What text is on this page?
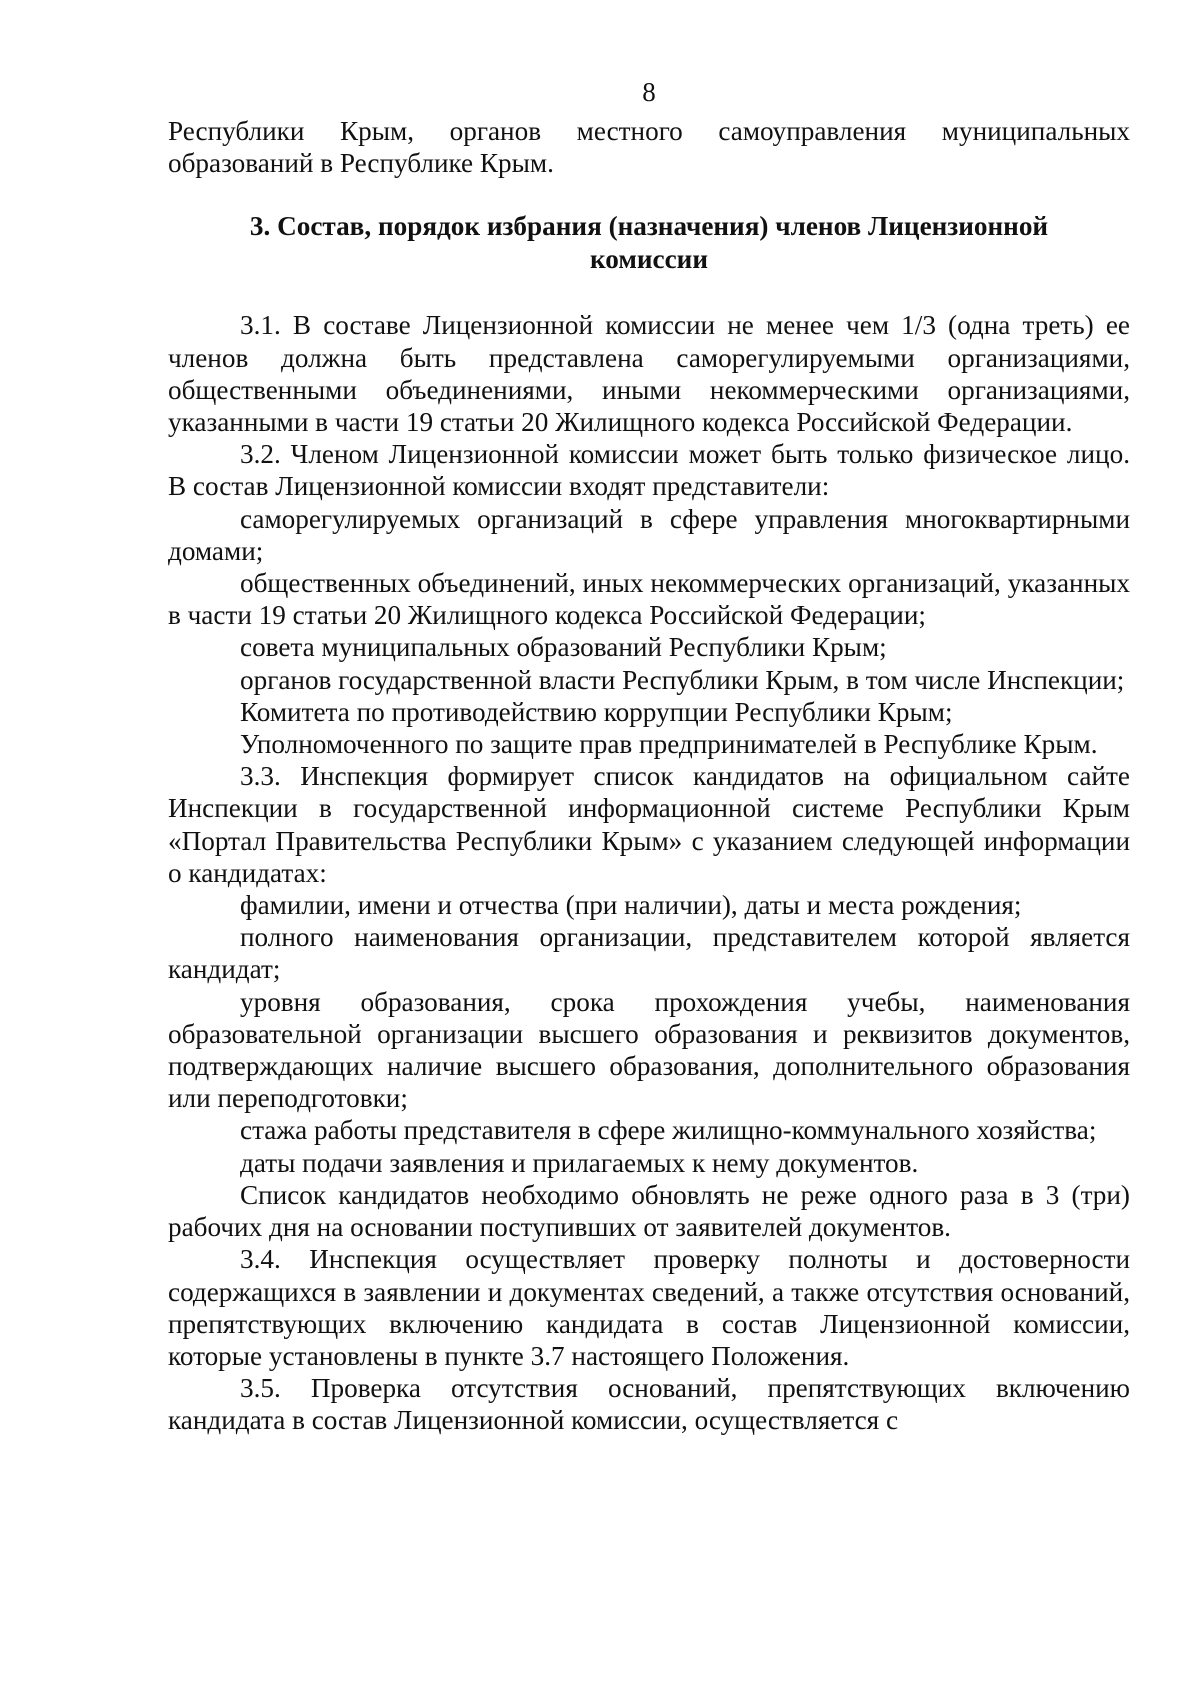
8

Республики Крым, органов местного самоуправления муниципальных образований в Республике Крым.

3. Состав, порядок избрания (назначения) членов Лицензионной комиссии

3.1. В составе Лицензионной комиссии не менее чем 1/3 (одна треть) ее членов должна быть представлена саморегулируемыми организациями, общественными объединениями, иными некоммерческими организациями, указанными в части 19 статьи 20 Жилищного кодекса Российской Федерации.

3.2. Членом Лицензионной комиссии может быть только физическое лицо. В состав Лицензионной комиссии входят представители:

саморегулируемых организаций в сфере управления многоквартирными домами;

общественных объединений, иных некоммерческих организаций, указанных в части 19 статьи 20 Жилищного кодекса Российской Федерации;

совета муниципальных образований Республики Крым;

органов государственной власти Республики Крым, в том числе Инспекции;

Комитета по противодействию коррупции Республики Крым;

Уполномоченного по защите прав предпринимателей в Республике Крым.

3.3. Инспекция формирует список кандидатов на официальном сайте Инспекции в государственной информационной системе Республики Крым «Портал Правительства Республики Крым» с указанием следующей информации о кандидатах:

фамилии, имени и отчества (при наличии), даты и места рождения;

полного наименования организации, представителем которой является кандидат;

уровня образования, срока прохождения учебы, наименования образовательной организации высшего образования и реквизитов документов, подтверждающих наличие высшего образования, дополнительного образования или переподготовки;

стажа работы представителя в сфере жилищно-коммунального хозяйства;

даты подачи заявления и прилагаемых к нему документов.

Список кандидатов необходимо обновлять не реже одного раза в 3 (три) рабочих дня на основании поступивших от заявителей документов.

3.4. Инспекция осуществляет проверку полноты и достоверности содержащихся в заявлении и документах сведений, а также отсутствия оснований, препятствующих включению кандидата в состав Лицензионной комиссии, которые установлены в пункте 3.7 настоящего Положения.

3.5. Проверка отсутствия оснований, препятствующих включению кандидата в состав Лицензионной комиссии, осуществляется с
